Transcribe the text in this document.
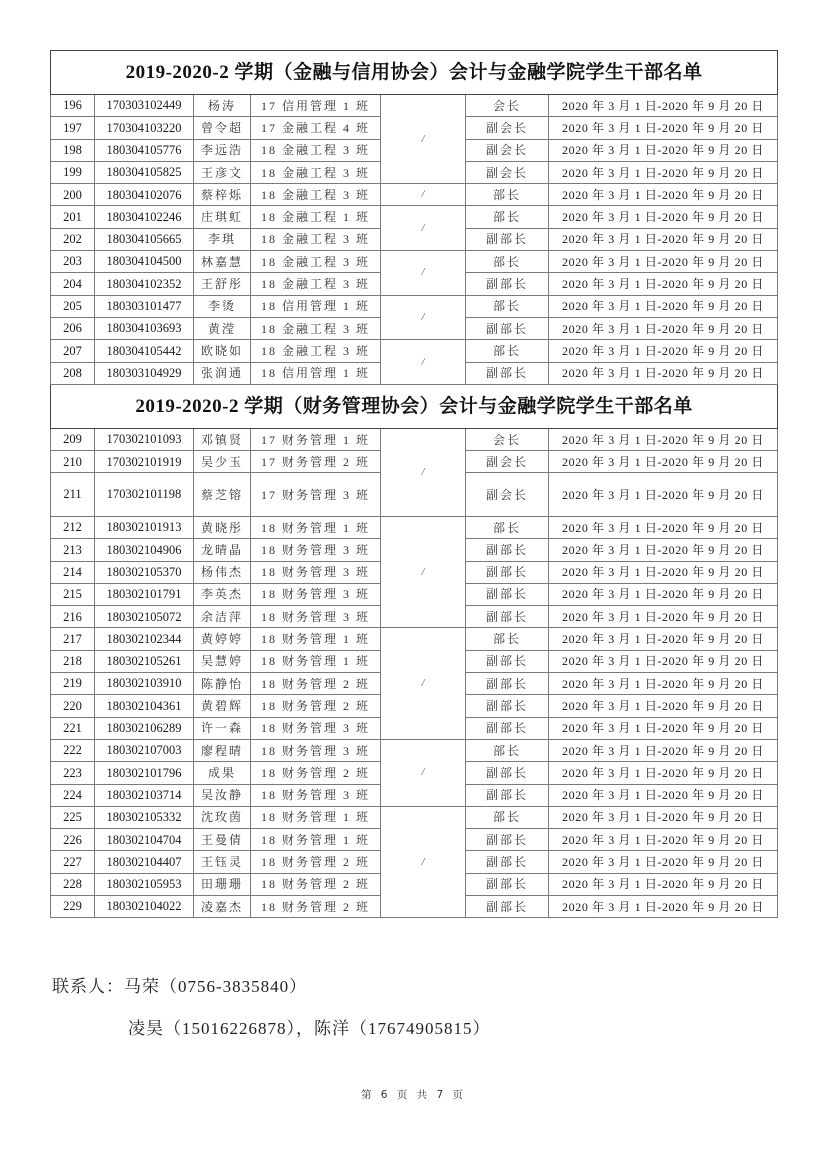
2019-2020-2 学期（金融与信用协会）会计与金融学院学生干部名单						
196	170303102449	杨涛	17 信用管理 1 班	/	会长	2020 年 3 月 1 日-2020 年 9 月 20 日
197	170304103220	曾令超	17 金融工程 4 班		副会长	2020 年 3 月 1 日-2020 年 9 月 20 日
198	180304105776	李远浩	18 金融工程 3 班		副会长	2020 年 3 月 1 日-2020 年 9 月 20 日
199	180304105825	王彦文	18 金融工程 3 班		副会长	2020 年 3 月 1 日-2020 年 9 月 20 日
200	180304102076	蔡梓烁	18 金融工程 3 班	/	部长	2020 年 3 月 1 日-2020 年 9 月 20 日
201	180304102246	庄琪虹	18 金融工程 1 班	/	部长	2020 年 3 月 1 日-2020 年 9 月 20 日
202	180304105665	李琪	18 金融工程 3 班		副部长	2020 年 3 月 1 日-2020 年 9 月 20 日
203	180304104500	林嘉慧	18 金融工程 3 班	/	部长	2020 年 3 月 1 日-2020 年 9 月 20 日
204	180304102352	王舒彤	18 金融工程 3 班		副部长	2020 年 3 月 1 日-2020 年 9 月 20 日
205	180303101477	李烫	18 信用管理 1 班	/	部长	2020 年 3 月 1 日-2020 年 9 月 20 日
206	180304103693	黄滢	18 金融工程 3 班		副部长	2020 年 3 月 1 日-2020 年 9 月 20 日
207	180304105442	欧晓如	18 金融工程 3 班	/	部长	2020 年 3 月 1 日-2020 年 9 月 20 日
208	180303104929	张润通	18 信用管理 1 班		副部长	2020 年 3 月 1 日-2020 年 9 月 20 日
2019-2020-2 学期（财务管理协会）会计与金融学院学生干部名单						
209	170302101093	邓镇贤	17 财务管理 1 班	/	会长	2020 年 3 月 1 日-2020 年 9 月 20 日
210	170302101919	吴少玉	17 财务管理 2 班		副会长	2020 年 3 月 1 日-2020 年 9 月 20 日
211	170302101198	蔡芝镕	17 财务管理 3 班		副会长	2020 年 3 月 1 日-2020 年 9 月 20 日
212	180302101913	黄晓彤	18 财务管理 1 班	/	部长	2020 年 3 月 1 日-2020 年 9 月 20 日
213	180302104906	龙晴晶	18 财务管理 3 班		副部长	2020 年 3 月 1 日-2020 年 9 月 20 日
214	180302105370	杨伟杰	18 财务管理 3 班		副部长	2020 年 3 月 1 日-2020 年 9 月 20 日
215	180302101791	李英杰	18 财务管理 3 班		副部长	2020 年 3 月 1 日-2020 年 9 月 20 日
216	180302105072	余洁萍	18 财务管理 3 班		副部长	2020 年 3 月 1 日-2020 年 9 月 20 日
217	180302102344	黄婷婷	18 财务管理 1 班	/	部长	2020 年 3 月 1 日-2020 年 9 月 20 日
218	180302105261	吴慧婷	18 财务管理 1 班		副部长	2020 年 3 月 1 日-2020 年 9 月 20 日
219	180302103910	陈静怡	18 财务管理 2 班		副部长	2020 年 3 月 1 日-2020 年 9 月 20 日
220	180302104361	黄碧辉	18 财务管理 2 班		副部长	2020 年 3 月 1 日-2020 年 9 月 20 日
221	180302106289	许一森	18 财务管理 3 班		副部长	2020 年 3 月 1 日-2020 年 9 月 20 日
222	180302107003	廖程晴	18 财务管理 3 班	/	部长	2020 年 3 月 1 日-2020 年 9 月 20 日
223	180302101796	成果	18 财务管理 2 班		副部长	2020 年 3 月 1 日-2020 年 9 月 20 日
224	180302103714	吴汝静	18 财务管理 3 班		副部长	2020 年 3 月 1 日-2020 年 9 月 20 日
225	180302105332	沈玫茵	18 财务管理 1 班	/	部长	2020 年 3 月 1 日-2020 年 9 月 20 日
226	180302104704	王曼倩	18 财务管理 1 班		副部长	2020 年 3 月 1 日-2020 年 9 月 20 日
227	180302104407	王钰灵	18 财务管理 2 班		副部长	2020 年 3 月 1 日-2020 年 9 月 20 日
228	180302105953	田珊珊	18 财务管理 2 班		副部长	2020 年 3 月 1 日-2020 年 9 月 20 日
229	180302104022	凌嘉杰	18 财务管理 2 班		副部长	2020 年 3 月 1 日-2020 年 9 月 20 日
联系人：马荣（0756-3835840）
凌昊（15016226878），陈洋（17674905815）
第 6 页 共 7 页
